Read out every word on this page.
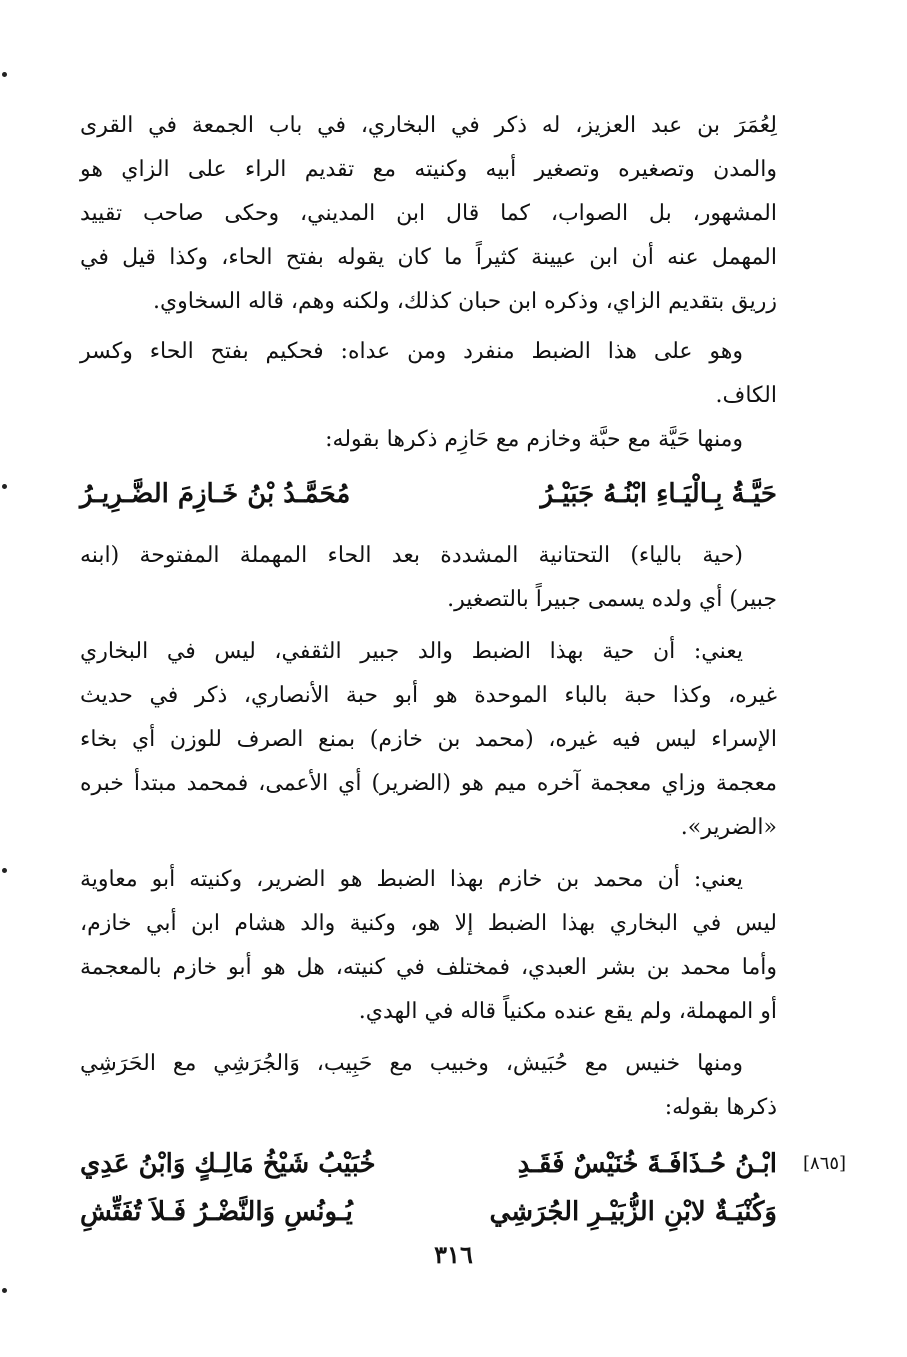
لِعُمَرَ بن عبد العزيز، له ذكر في البخاري، في باب الجمعة في القرى
والمدن وتصغيره وتصغير أبيه وكنيته مع تقديم الراء على الزاي هو
المشهور، بل الصواب، كما قال ابن المديني، وحكى صاحب تقييد
المهمل عنه أن ابن عيينة كثيراً ما كان يقوله بفتح الحاء، وكذا قيل في
زريق بتقديم الزاي، وذكره ابن حبان كذلك، ولكنه وهم، قاله السخاوي.
وهو على هذا الضبط منفرد ومن عداه: فحكيم بفتح الحاء وكسر
الكاف.
ومنها حَيَّة مع حبَّة وخازم مع حَازِم ذكرها بقوله:
حَيَّـةُ بِـالْيَـاءِ ابْنُـهُ جَبَيْـرُ
مُحَمَّـدُ بْنُ خَـازِمَ الضَّـرِيـرُ
(حية بالياء) التحتانية المشددة بعد الحاء المهملة المفتوحة (ابنه
جبير) أي ولده يسمى جبيراً بالتصغير.
يعني: أن حية بهذا الضبط والد جبير الثقفي، ليس في البخاري
غيره، وكذا حبة بالباء الموحدة هو أبو حبة الأنصاري، ذكر في حديث
الإسراء ليس فيه غيره، (محمد بن خازم) بمنع الصرف للوزن أي بخاء
معجمة وزاي معجمة آخره ميم هو (الضرير) أي الأعمى، فمحمد مبتدأ خبره
«الضرير».
يعني: أن محمد بن خازم بهذا الضبط هو الضرير، وكنيته أبو معاوية
ليس في البخاري بهذا الضبط إلا هو، وكنية والد هشام ابن أبي خازم،
وأما محمد بن بشر العبدي، فمختلف في كنيته، هل هو أبو خازم بالمعجمة
أو المهملة، ولم يقع عنده مكنياً قاله في الهدي.
ومنها خنيس مع حُبَيش، وخبيب مع حَبِيب، وَالجُرَشِي مع الحَرَشِي
ذكرها بقوله:
[٨٦٥]
ابْـنُ حُـذَافَـةَ خُنَيْسٌ فَقَـدِ
خُبَيْبُ شَيْخُ مَالِـكٍ وَابْنُ عَدِي
وَكُنْيَـةٌ لابْنِ الزُّبَيْـرِ الجُرَشِي
يُـونُسِ وَالنَّضْـرُ فَـلاَ تُفَتِّشِ
٣١٦
